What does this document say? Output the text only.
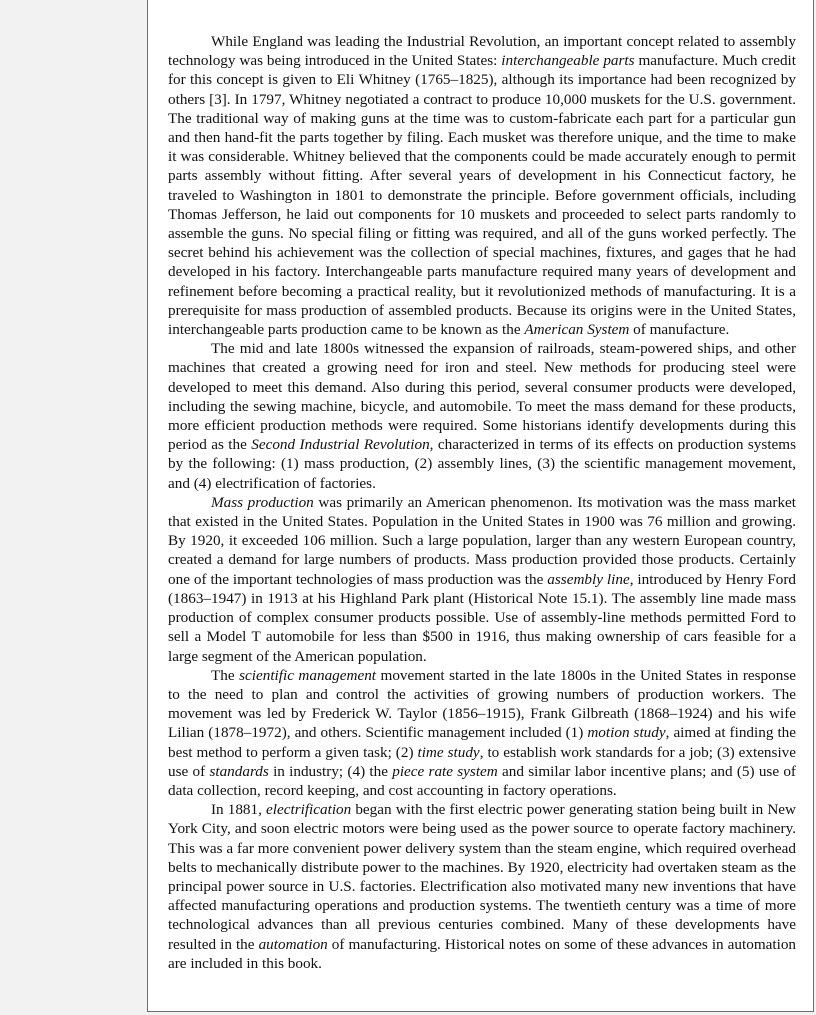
While England was leading the Industrial Revolution, an important concept related to assembly technology was being introduced in the United States: interchangeable parts manufacture. Much credit for this concept is given to Eli Whitney (1765–1825), although its importance had been recognized by others [3]. In 1797, Whitney negotiated a contract to produce 10,000 muskets for the U.S. government. The traditional way of making guns at the time was to custom-fabricate each part for a particular gun and then hand-fit the parts together by filing. Each musket was therefore unique, and the time to make it was considerable. Whitney believed that the components could be made accurately enough to permit parts assembly without fitting. After several years of development in his Connecticut factory, he traveled to Washington in 1801 to demonstrate the principle. Before government officials, including Thomas Jefferson, he laid out components for 10 muskets and proceeded to select parts randomly to assemble the guns. No special filing or fitting was required, and all of the guns worked perfectly. The secret behind his achievement was the collection of special machines, fixtures, and gages that he had developed in his factory. Interchangeable parts manufacture required many years of development and refinement before becoming a practical reality, but it revolutionized methods of manufacturing. It is a prerequisite for mass production of assembled products. Because its origins were in the United States, interchangeable parts production came to be known as the American System of manufacture.

The mid and late 1800s witnessed the expansion of railroads, steam-powered ships, and other machines that created a growing need for iron and steel. New methods for producing steel were developed to meet this demand. Also during this period, several consumer products were developed, including the sewing machine, bicycle, and automobile. To meet the mass demand for these products, more efficient production methods were required. Some historians identify developments during this period as the Second Industrial Revolution, characterized in terms of its effects on production systems by the following: (1) mass production, (2) assembly lines, (3) the scientific management movement, and (4) electrification of factories.

Mass production was primarily an American phenomenon. Its motivation was the mass market that existed in the United States. Population in the United States in 1900 was 76 million and growing. By 1920, it exceeded 106 million. Such a large population, larger than any western European country, created a demand for large numbers of products. Mass production provided those products. Certainly one of the important technologies of mass production was the assembly line, introduced by Henry Ford (1863–1947) in 1913 at his Highland Park plant (Historical Note 15.1). The assembly line made mass production of complex consumer products possible. Use of assembly-line methods permitted Ford to sell a Model T automobile for less than $500 in 1916, thus making ownership of cars feasible for a large segment of the American population.

The scientific management movement started in the late 1800s in the United States in response to the need to plan and control the activities of growing numbers of production workers. The movement was led by Frederick W. Taylor (1856–1915), Frank Gilbreath (1868–1924) and his wife Lilian (1878–1972), and others. Scientific management included (1) motion study, aimed at finding the best method to perform a given task; (2) time study, to establish work standards for a job; (3) extensive use of standards in industry; (4) the piece rate system and similar labor incentive plans; and (5) use of data collection, record keeping, and cost accounting in factory operations.

In 1881, electrification began with the first electric power generating station being built in New York City, and soon electric motors were being used as the power source to operate factory machinery. This was a far more convenient power delivery system than the steam engine, which required overhead belts to mechanically distribute power to the machines. By 1920, electricity had overtaken steam as the principal power source in U.S. factories. Electrification also motivated many new inventions that have affected manufacturing operations and production systems. The twentieth century was a time of more technological advances than all previous centuries combined. Many of these developments have resulted in the automation of manufacturing. Historical notes on some of these advances in automation are included in this book.
